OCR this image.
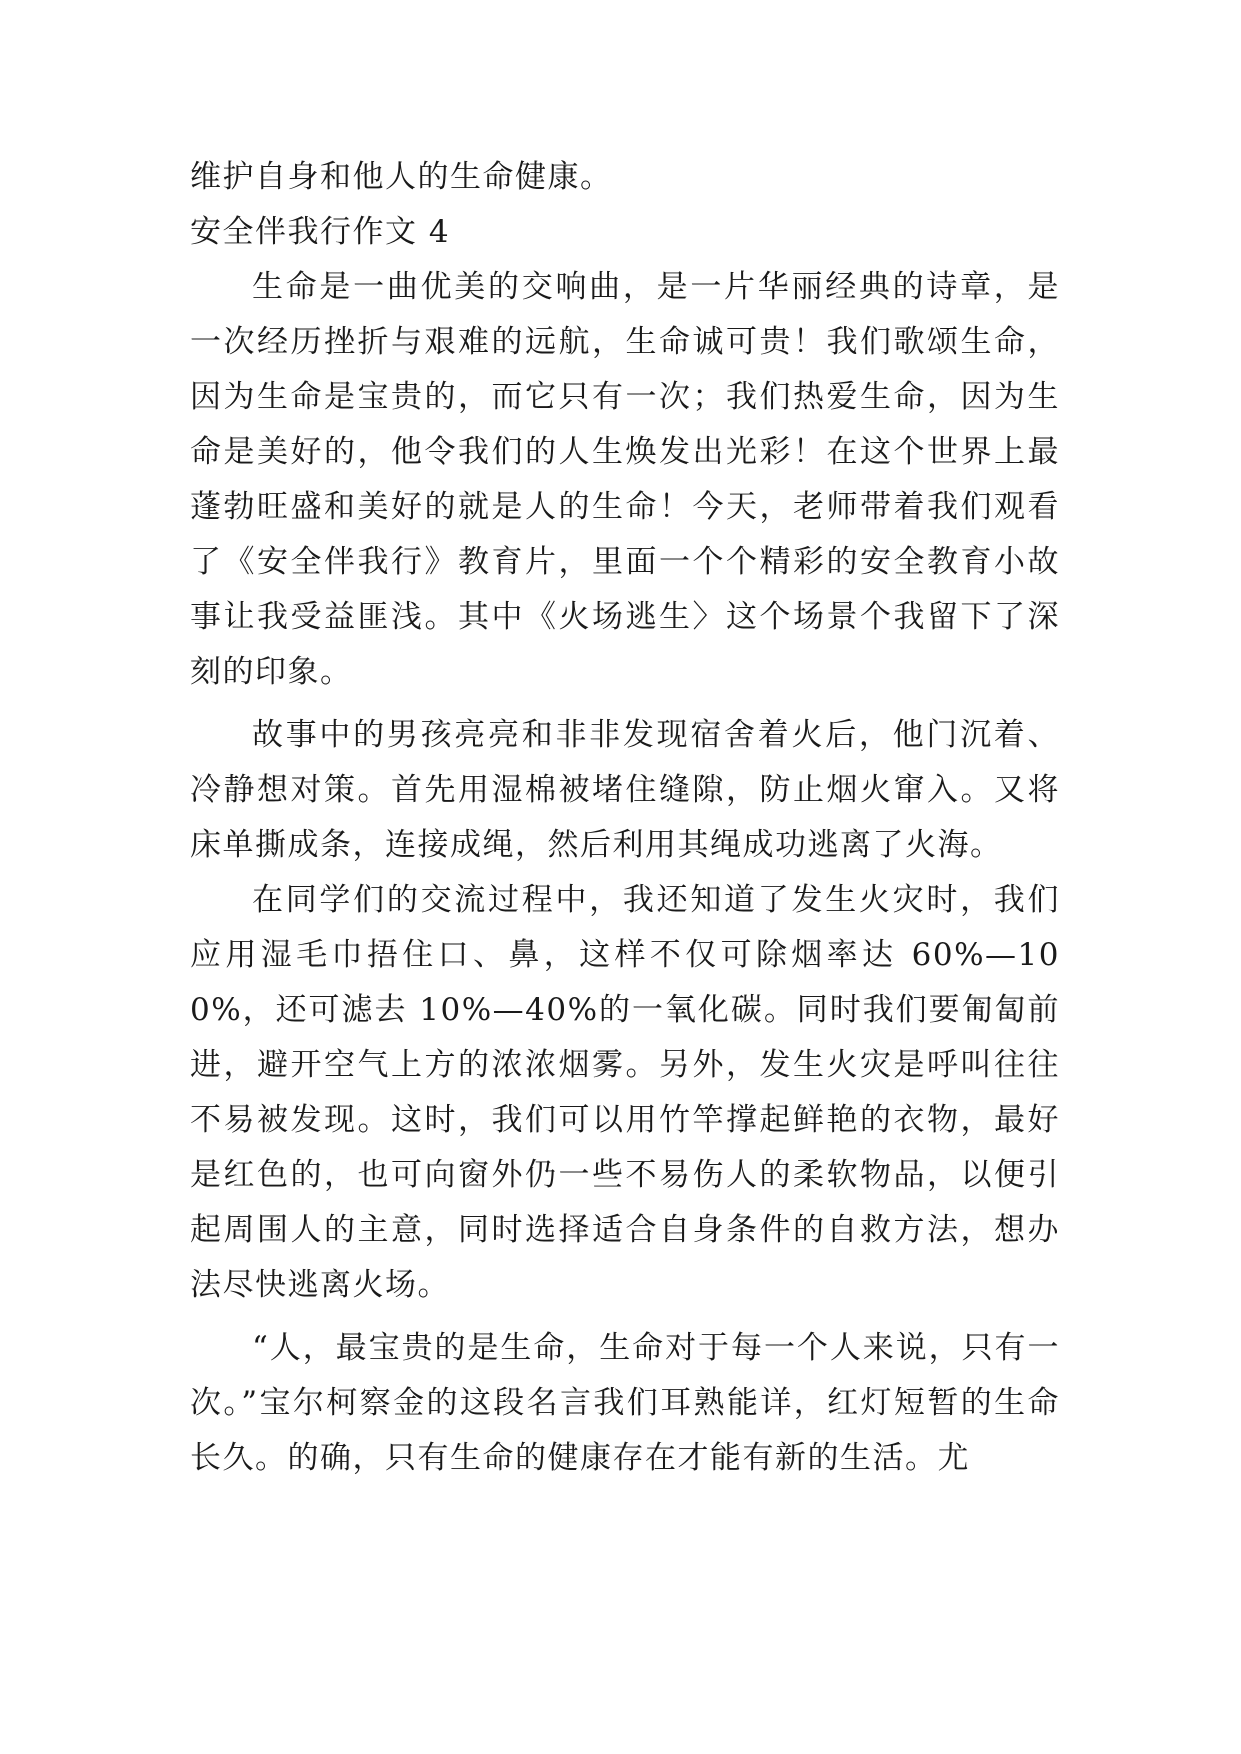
维护自身和他人的生命健康。

安全伴我行作文 4

生命是一曲优美的交响曲，是一片华丽经典的诗章，是一次经历挫折与艰难的远航，生命诚可贵！我们歌颂生命，因为生命是宝贵的，而它只有一次；我们热爱生命，因为生命是美好的，他令我们的人生焕发出光彩！在这个世界上最蓬勃旺盛和美好的就是人的生命！今天，老师带着我们观看了《安全伴我行》教育片，里面一个个精彩的安全教育小故事让我受益匪浅。其中《火场逃生〉这个场景个我留下了深刻的印象。

故事中的男孩亮亮和非非发现宿舍着火后，他门沉着、冷静想对策。首先用湿棉被堵住缝隙，防止烟火窜入。又将床单撕成条，连接成绳，然后利用其绳成功逃离了火海。

在同学们的交流过程中，我还知道了发生火灾时，我们应用湿毛巾捂住口、鼻，这样不仅可除烟率达 60%—100%，还可滤去 10%—40%的一氧化碳。同时我们要匍匐前进，避开空气上方的浓浓烟雾。另外，发生火灾是呼叫往往不易被发现。这时，我们可以用竹竿撑起鲜艳的衣物，最好是红色的，也可向窗外仍一些不易伤人的柔软物品，以便引起周围人的主意，同时选择适合自身条件的自救方法，想办法尽快逃离火场。

“人，最宝贵的是生命，生命对于每一个人来说，只有一次。”宝尔柯察金的这段名言我们耳熟能详，红灯短暂的生命长久。的确，只有生命的健康存在才能有新的生活。尤
